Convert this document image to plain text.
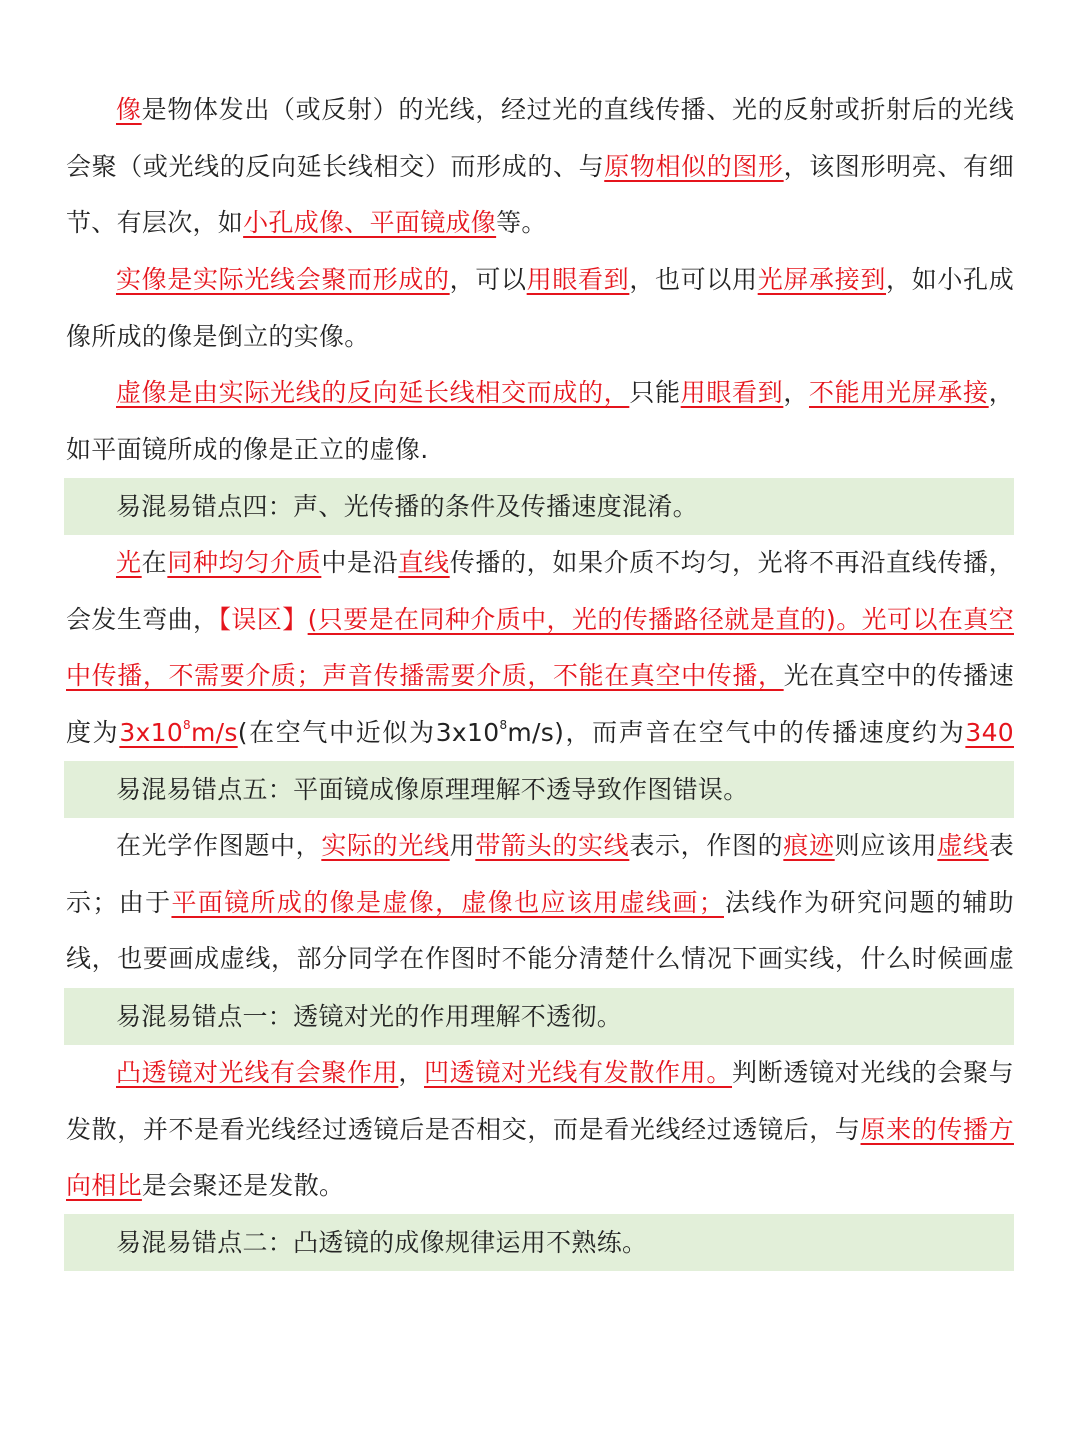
像是物体发出（或反射）的光线，经过光的直线传播、光的反射或折射后的光线会聚（或光线的反向延长线相交）而形成的、与原物相似的图形，该图形明亮、有细节、有层次，如小孔成像、平面镜成像等。

实像是实际光线会聚而形成的，可以用眼看到，也可以用光屏承接到，如小孔成像所成的像是倒立的实像。

虚像是由实际光线的反向延长线相交而成的，只能用眼看到，不能用光屏承接，如平面镜所成的像是正立的虚像.

易混易错点四：声、光传播的条件及传播速度混淆。

光在同种均匀介质中是沿直线传播的，如果介质不均匀，光将不再沿直线传播，会发生弯曲，【误区】(只要是在同种介质中，光的传播路径就是直的)。光可以在真空中传播，不需要介质；声音传播需要介质，不能在真空中传播，光在真空中的传播速度为$3x10^8m/s$(在空气中近似为$3x10^8m/s$)，而声音在空气中的传播速度约为340

易混易错点五：平面镜成像原理理解不透导致作图错误。

在光学作图题中，实际的光线用带箭头的实线表示，作图的痕迹则应该用虚线表示；由于平面镜所成的像是虚像，虚像也应该用虚线画；法线作为研究问题的辅助线，也要画成虚线，部分同学在作图时不能分清楚什么情况下画实线，什么时候画虚

易混易错点一：透镜对光的作用理解不透彻。

凸透镜对光线有会聚作用，凹透镜对光线有发散作用。判断透镜对光线的会聚与发散，并不是看光线经过透镜后是否相交，而是看光线经过透镜后，与原来的传播方向相比是会聚还是发散。

易混易错点二：凸透镜的成像规律运用不熟练。
